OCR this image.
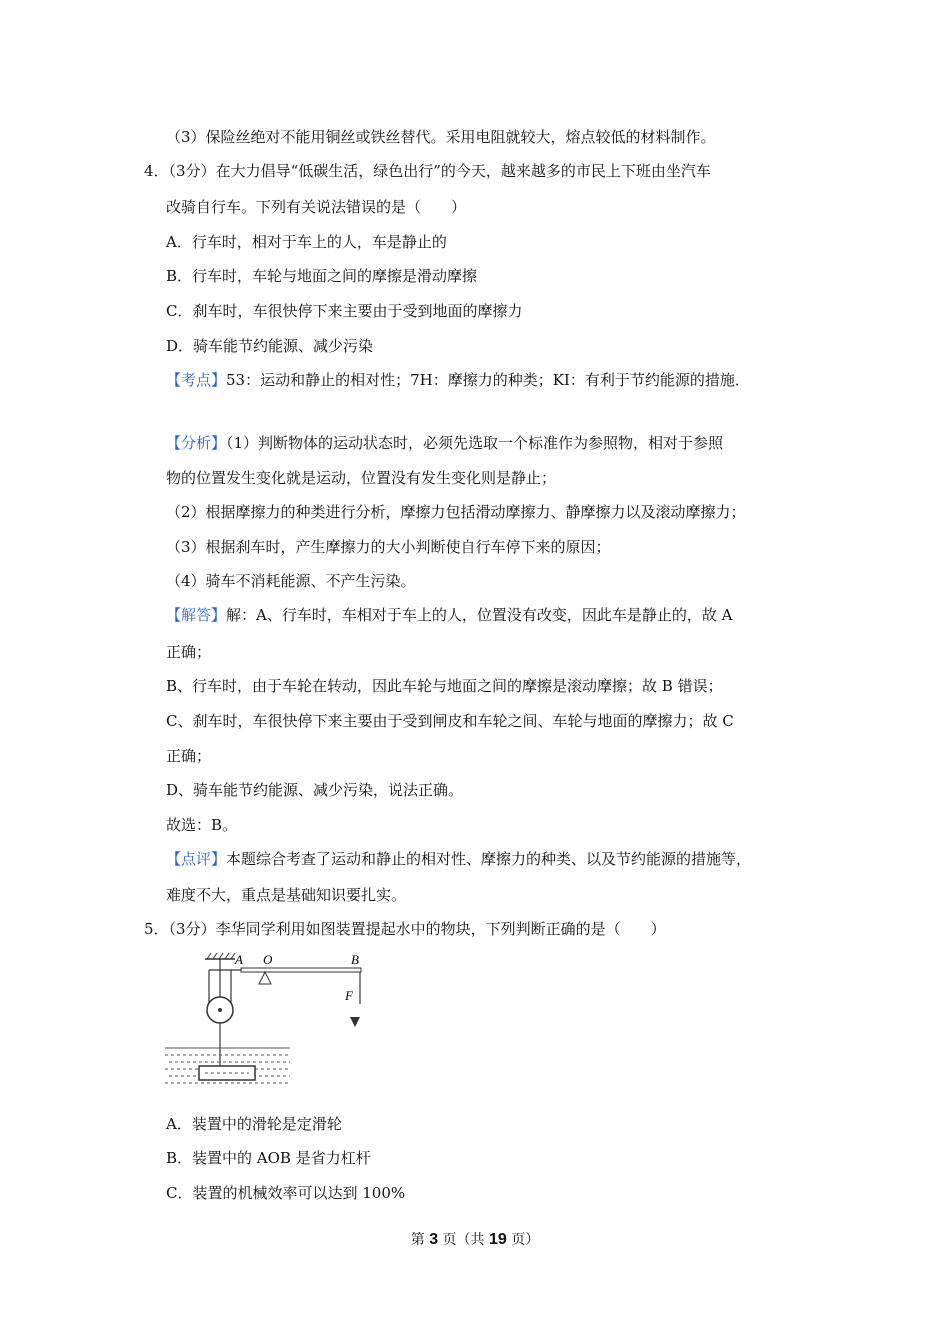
（3）保险丝绝对不能用铜丝或铁丝替代。采用电阻就较大，熔点较低的材料制作。
4．（3分）在大力倡导“低碳生活，绿色出行”的今天，越来越多的市民上下班由坐汽车
改骑自行车。下列有关说法错误的是（　　）
A．行车时，相对于车上的人，车是静止的
B．行车时，车轮与地面之间的摩擦是滑动摩擦
C．刹车时，车很快停下来主要由于受到地面的摩擦力
D．骑车能节约能源、减少污染
【考点】53：运动和静止的相对性；7H：摩擦力的种类；KI：有利于节约能源的措施．
【分析】（1）判断物体的运动状态时，必须先选取一个标准作为参照物，相对于参照
物的位置发生变化就是运动，位置没有发生变化则是静止；
（2）根据摩擦力的种类进行分析，摩擦力包括滑动摩擦力、静摩擦力以及滚动摩擦力；
（3）根据刹车时，产生摩擦力的大小判断使自行车停下来的原因；
（4）骑车不消耗能源、不产生污染。
【解答】解：A、行车时，车相对于车上的人，位置没有改变，因此车是静止的，故 A
正确；
B、行车时，由于车轮在转动，因此车轮与地面之间的摩擦是滚动摩擦；故 B 错误；
C、刹车时，车很快停下来主要由于受到闸皮和车轮之间、车轮与地面的摩擦力；故 C
正确；
D、骑车能节约能源、减少污染，说法正确。
故选：B。
【点评】本题综合考查了运动和静止的相对性、摩擦力的种类、以及节约能源的措施等，
难度不大，重点是基础知识要扎实。
5．（3分）李华同学利用如图装置提起水中的物块，下列判断正确的是（　　）
A O	B
F
A．装置中的滑轮是定滑轮
B．装置中的 AOB 是省力杠杆
C．装置的机械效率可以达到 100%
第 3 页（共 19 页）
